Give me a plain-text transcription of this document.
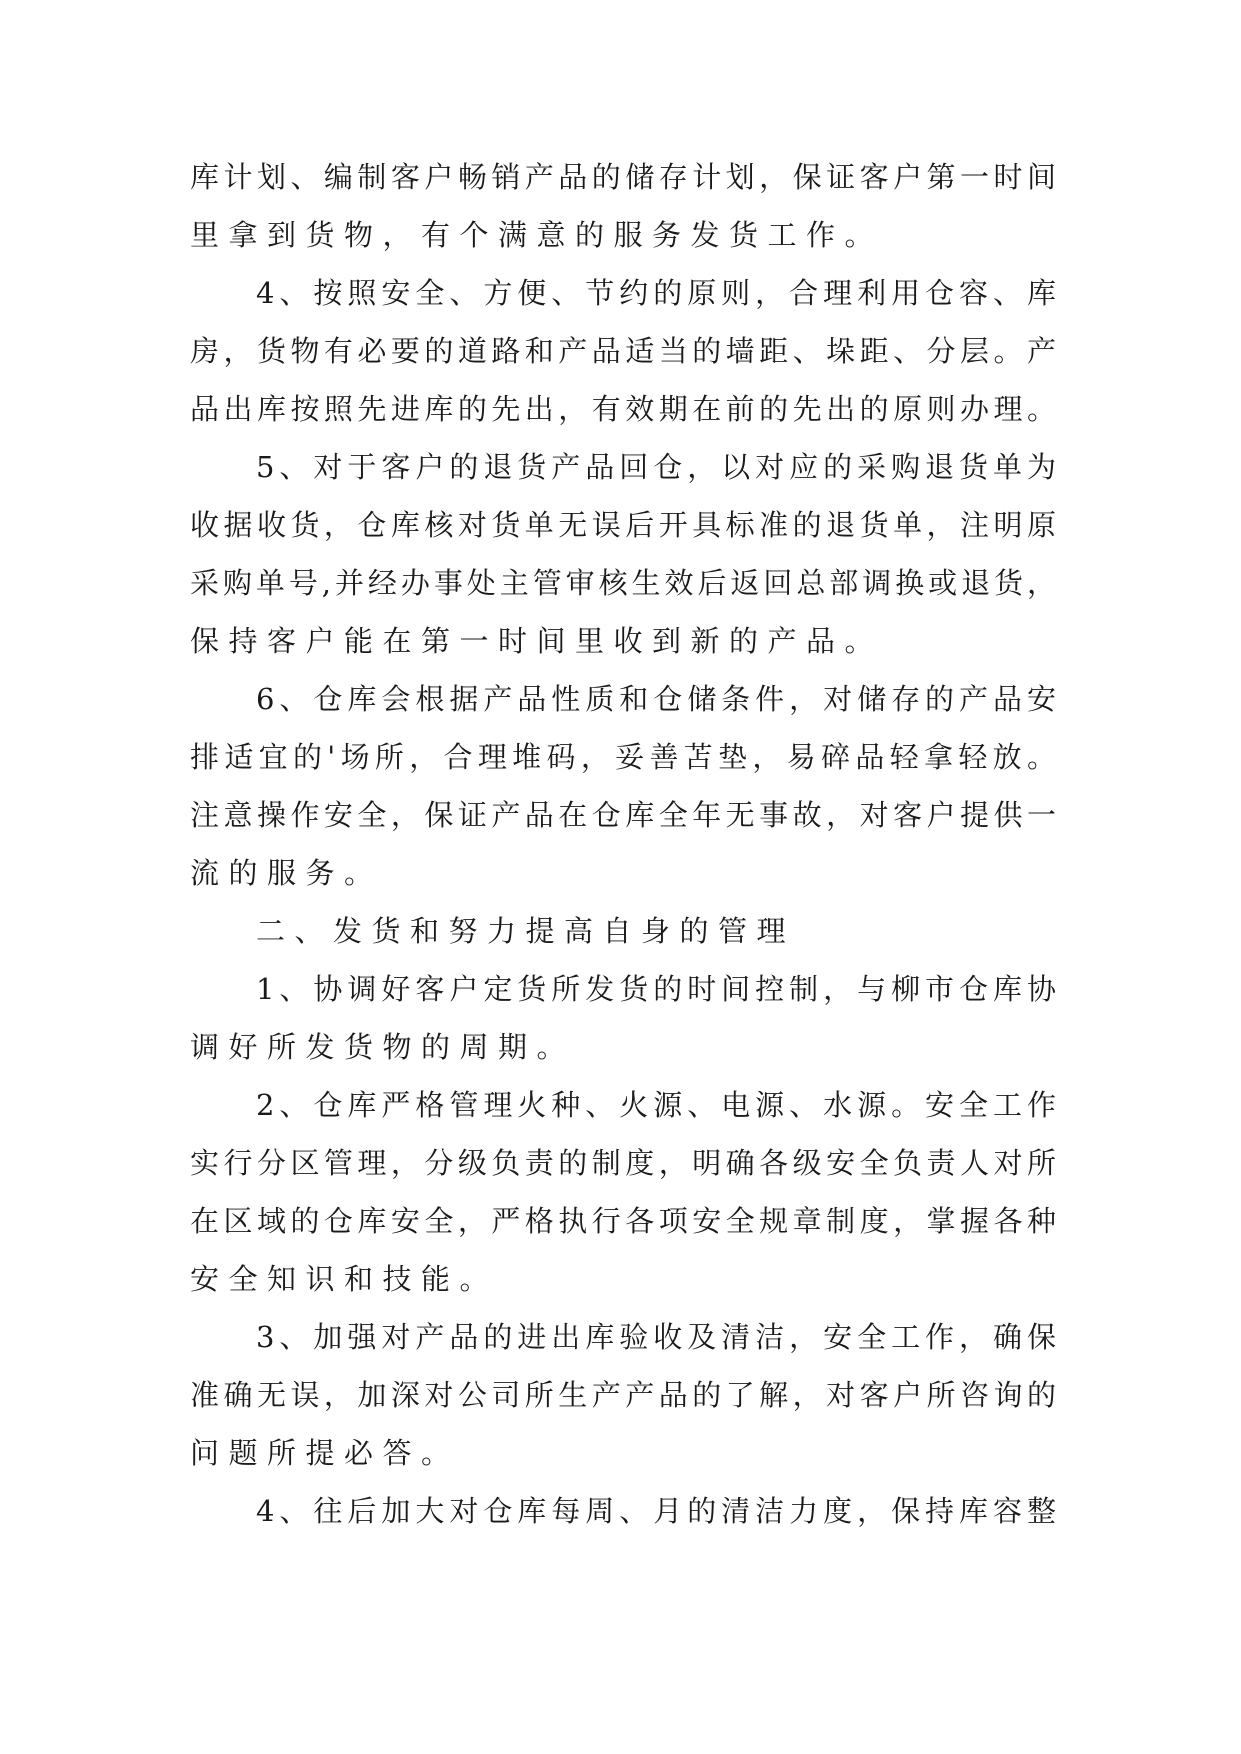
库计划、编制客户畅销产品的储存计划，保证客户第一时间
里拿到货物，有个满意的服务发货工作。
4、按照安全、方便、节约的原则，合理利用仓容、库
房，货物有必要的道路和产品适当的墙距、垛距、分层。产
品出库按照先进库的先出，有效期在前的先出的原则办理。
5、对于客户的退货产品回仓，以对应的采购退货单为
收据收货，仓库核对货单无误后开具标准的退货单，注明原
采购单号,并经办事处主管审核生效后返回总部调换或退货，
保持客户能在第一时间里收到新的产品。
6、仓库会根据产品性质和仓储条件，对储存的产品安
排适宜的'场所，合理堆码，妥善苫垫，易碎品轻拿轻放。
注意操作安全，保证产品在仓库全年无事故，对客户提供一
流的服务。
二、发货和努力提高自身的管理
1、协调好客户定货所发货的时间控制，与柳市仓库协
调好所发货物的周期。
2、仓库严格管理火种、火源、电源、水源。安全工作
实行分区管理，分级负责的制度，明确各级安全负责人对所
在区域的仓库安全，严格执行各项安全规章制度，掌握各种
安全知识和技能。
3、加强对产品的进出库验收及清洁，安全工作，确保
准确无误，加深对公司所生产产品的了解，对客户所咨询的
问题所提必答。
4、往后加大对仓库每周、月的清洁力度，保持库容整
